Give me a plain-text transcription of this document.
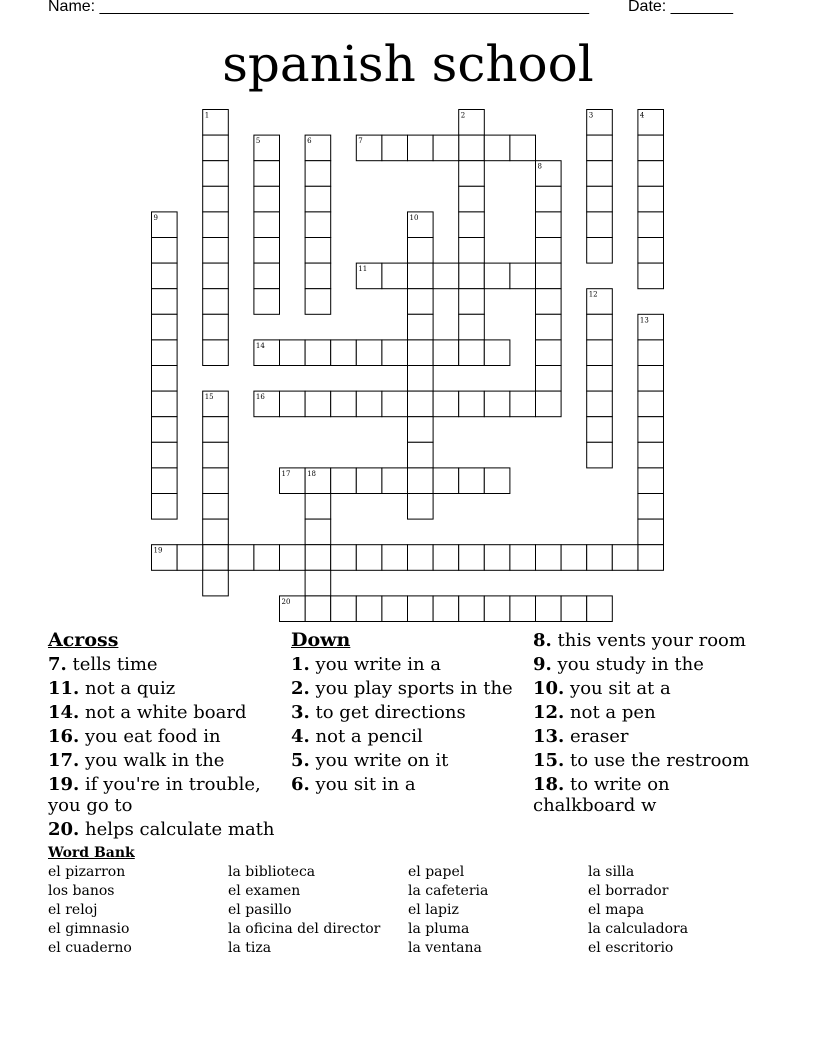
Name: _______________________________________________________ Date: _______
spanish school
1	2	3	4
5	6	7
8
9	10
11
12
13
14
15	16
17 18
19
20
Across
7. tells time
11. not a quiz
14. not a white board
16. you eat food in
17. you walk in the
19. if you're in trouble, you go to
20. helps calculate math
Down
1. you write in a
2. you play sports in the
3. to get directions
4. not a pencil
5. you write on it
6. you sit in a
8. this vents your room
9. you study in the
10. you sit at a
12. not a pen
13. eraser
15. to use the restroom
18. to write on chalkboard w
Word Bank
el pizarron
los banos
el reloj
el gimnasio
el cuaderno
la biblioteca
el examen
el pasillo
la oficina del director
la tiza
el papel
la cafeteria
el lapiz
la pluma
la ventana
la silla
el borrador
el mapa
la calculadora
el escritorio
